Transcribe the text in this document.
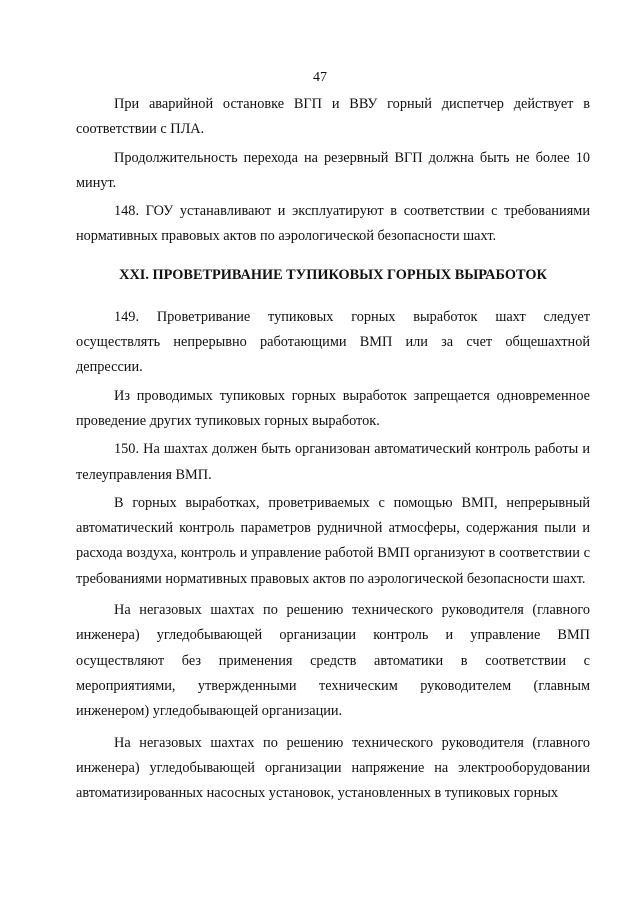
47

При аварийной остановке ВГП и ВВУ горный диспетчер действует в соответствии с ПЛА.

Продолжительность перехода на резервный ВГП должна быть не более 10 минут.

148. ГОУ устанавливают и эксплуатируют в соответствии с требованиями нормативных правовых актов по аэрологической безопасности шахт.

XXI. ПРОВЕТРИВАНИЕ ТУПИКОВЫХ ГОРНЫХ ВЫРАБОТОК

149. Проветривание тупиковых горных выработок шахт следует осуществлять непрерывно работающими ВМП или за счет общешахтной депрессии.

Из проводимых тупиковых горных выработок запрещается одновременное проведение других тупиковых горных выработок.

150. На шахтах должен быть организован автоматический контроль работы и телеуправления ВМП.

В горных выработках, проветриваемых с помощью ВМП, непрерывный автоматический контроль параметров рудничной атмосферы, содержания пыли и расхода воздуха, контроль и управление работой ВМП организуют в соответствии с требованиями нормативных правовых актов по аэрологической безопасности шахт.

На негазовых шахтах по решению технического руководителя (главного инженера) угледобывающей организации контроль и управление ВМП осуществляют без применения средств автоматики в соответствии с мероприятиями, утвержденными техническим руководителем (главным инженером) угледобывающей организации.

На негазовых шахтах по решению технического руководителя (главного инженера) угледобывающей организации напряжение на электрооборудовании автоматизированных насосных установок, установленных в тупиковых горных
